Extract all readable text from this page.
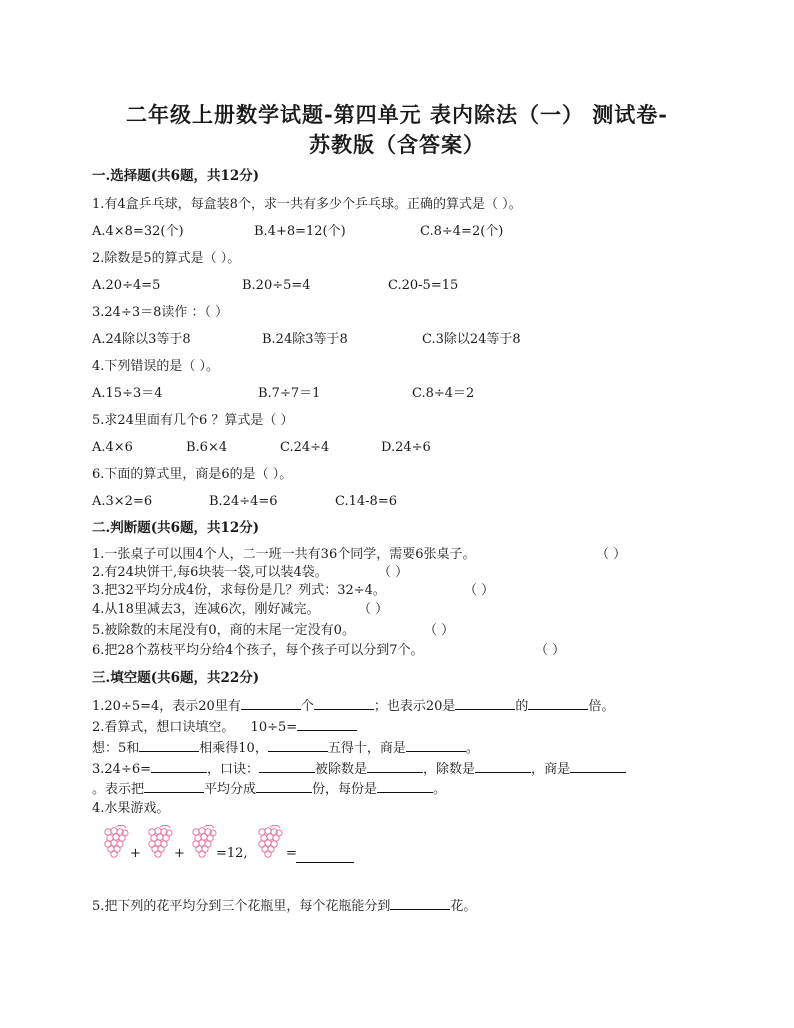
二年级上册数学试题-第四单元 表内除法（一） 测试卷-
苏教版（含答案）
一.选择题(共6题，共12分)
1.有4盒乒乓球，每盒装8个，求一共有多少个乒乓球。正确的算式是（ ）。
A.4×8=32(个)	B.4+8=12(个)	C.8÷4=2(个)
2.除数是5的算式是（ ）。
A.20÷4=5	B.20÷5=4	C.20-5=15
3.24÷3＝8读作 ：（ ）
A.24除以3等于8	B.24除3等于8	C.3除以24等于8
4.下列错误的是（ ）。
A.15÷3＝4	B.7÷7＝1	C.8÷4＝2
5.求24里面有几个6 ？算式是（ ）
A.4×6	B.6×4	C.24÷4	D.24÷6
6.下面的算式里，商是6的是（ ）。
A.3×2=6	B.24÷4=6	C.14-8=6
二.判断题(共6题，共12分)
1.一张桌子可以围4个人，二一班一共有36个同学，需要6张桌子。	（ ）
2.有24块饼干,每6块装一袋,可以装4袋。	（ ）
3.把32平均分成4份，求每份是几？列式：32÷4。	（ ）
4.从18里减去3，连减6次，刚好减完。	（ ）
5.被除数的末尾没有0，商的末尾一定没有0。	（ ）
6.把28个荔枝平均分给4个孩子，每个孩子可以分到7个。	（ ）
三.填空题(共6题，共22分)
1.20÷5=4，表示20里有	个	；也表示20是	的	倍。
2.看算式，想口诀填空。 10÷5=
想：5和	相乘得10，	五得十，商是	。
3.24÷6=	，口诀：	被除数是	，除数是	，商是
。表示把	平均分成	份，每份是	。
4.水果游戏。
+	+ =12,	=
5.把下列的花平均分到三个花瓶里，每个花瓶能分到	花。
